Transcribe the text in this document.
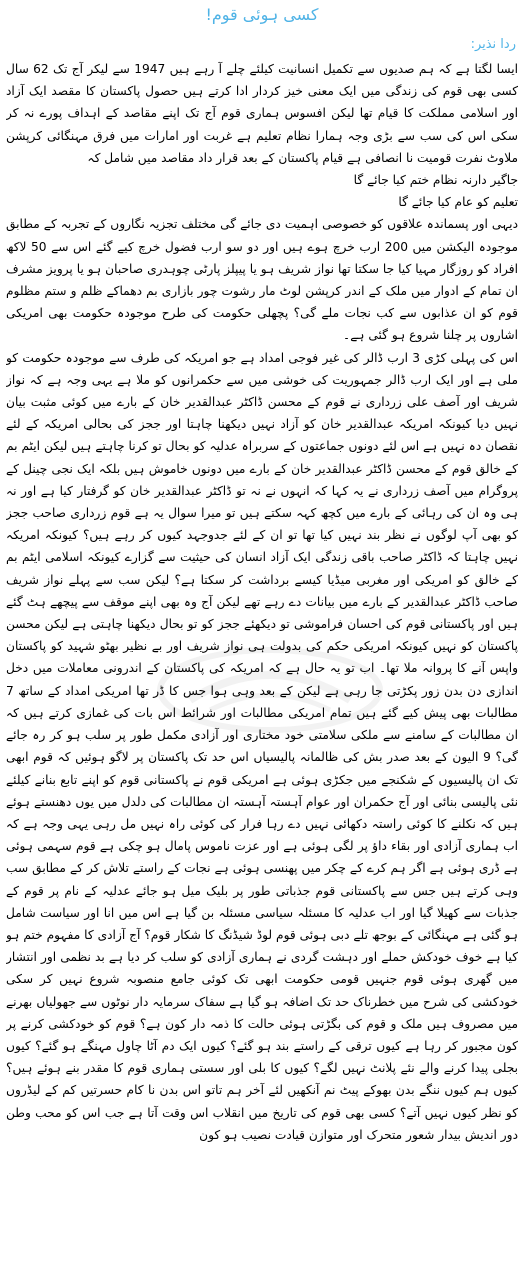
کسی ہوئی قوم!
ردا نذیر:

ایسا لگتا ہے کہ ہم صدیوں سے تکمیل انسانیت کیلئے چلے آ رہے ہیں 1947 سے لیکر آج تک 62 سال کسی بھی قوم کی زندگی میں ایک معنی خیز کردار ادا کرتے ہیں حصول پاکستان کا مقصد ایک آزاد اور اسلامی مملکت کا قیام تھا لیکن افسوس ہماری قوم آج تک اپنے مقاصد کے اہداف پورے نہ کر سکی اس کی سب سے بڑی وجہ ہمارا نظام تعلیم ہے غربت اور امارات میں فرق مہنگائی کرپشن ملاوٹ نفرت قومیت نا انصافی ہے قیام پاکستان کے بعد قرار داد مقاصد میں شامل کہ

جاگیر دارنہ نظام ختم کیا جائے گا
تعلیم کو عام کیا جائے گا

دیہی اور پسماندہ علاقوں کو خصوصی اہمیت دی جائے گی مختلف تجزیہ نگاروں کے تجربہ کے مطابق موجودہ الیکشن میں 200 ارب خرچ ہوے ہیں اور دو سو ارب فضول خرچ کیے گئے اس سے 50 لاکھ افراد کو روزگار مہیا کیا جا سکتا تھا نواز شریف ہو یا پیپلز پارٹی چوہدری صاحبان ہو یا پرویز مشرف ان تمام کے ادوار میں ملک کے اندر کرپشن لوٹ مار رشوت چور بازاری بم دھماکے ظلم و ستم مظلوم قوم کو ان عذابوں سے کب نجات ملے گی؟ پچھلی حکومت کی طرح موجودہ حکومت بھی امریکی اشاروں پر چلنا شروع ہو گئی ہے۔

اس کی پہلی کڑی 3 ارب ڈالر کی غیر فوجی امداد ہے جو امریکہ کی طرف سے موجودہ حکومت کو ملی ہے اور ایک ارب ڈالر جمہوریت کی خوشی میں سے حکمرانوں کو ملا ہے یہی وجہ ہے کہ نواز شریف اور آصف علی زرداری نے قوم کے محسن ڈاکٹر عبدالقدیر خان کے بارے میں کوئی مثبت بیان نہیں دیا کیونکہ امریکہ عبدالقدیر خان کو آزاد نہیں دیکھنا چاہتا اور ججز کی بحالی امریکہ کے لئے نقصان دہ نہیں ہے اس لئے دونوں جماعتوں کے سربراہ عدلیہ کو بحال تو کرنا چاہتے ہیں لیکن ایٹم بم کے خالق قوم کے محسن ڈاکٹر عبدالقدیر خان کے بارے میں دونوں خاموش ہیں بلکہ ایک نجی چینل کے پروگرام میں آصف زرداری نے یہ کہا کہ انہوں نے نہ تو ڈاکٹر عبدالقدیر خان کو گرفتار کیا ہے اور نہ ہی وہ ان کی رہائی کے بارے میں کچھ کہہ سکتے ہیں تو میرا سوال یہ ہے قوم زرداری صاحب ججز کو بھی آپ لوگوں نے نظر بند نہیں کیا تھا تو ان کے لئے جدوجہد کیوں کر رہے ہیں؟ کیونکہ امریکہ نہیں چاہتا کہ ڈاکٹر صاحب باقی زندگی ایک آزاد انسان کی حیثیت سے گزارے کیونکہ اسلامی ایٹم بم کے خالق کو امریکی اور مغربی میڈیا کیسے برداشت کر سکتا ہے؟ لیکن سب سے پہلے نواز شریف صاحب ڈاکٹر عبدالقدیر کے بارے میں بیانات دے رہے تھے لیکن آج وہ بھی اپنے موقف سے پیچھے ہٹ گئے ہیں اور پاکستانی قوم کی احسان فراموشی تو دیکھئے ججز کو تو بحال دیکھنا چاہتی ہے لیکن محسن پاکستان کو نہیں کیونکہ امریکی حکم کی بدولت ہی نواز شریف اور بے نظیر بھٹو شہید کو پاکستان واپس آنے کا پروانہ ملا تھا۔ اب تو یہ حال ہے کہ امریکہ کی پاکستان کے اندرونی معاملات میں دخل اندازی دن بدن زور پکڑتی جا رہی ہے لیکن کے بعد وہی ہوا جس کا ڈر تھا امریکی امداد کے ساتھ 7 مطالبات بھی پیش کیے گئے ہیں تمام امریکی مطالبات اور شرائط اس بات کی غمازی کرتے ہیں کہ ان مطالبات کے سامنے سے ملکی سلامتی خود مختاری اور آزادی مکمل طور پر سلب ہو کر رہ جائے گی؟ 9 الیون کے بعد صدر بش کی ظالمانہ پالیسیاں اس حد تک پاکستان پر لاگو ہوئیں کہ قوم ابھی تک ان پالیسیوں کے شکنجے میں جکڑی ہوئی ہے امریکی قوم نے پاکستانی قوم کو اپنے تابع بنانے کیلئے نئی پالیسی بنائی اور آج حکمران اور عوام آہستہ آہستہ ان مطالبات کی دلدل میں یوں دھنستے ہوئے ہیں کہ نکلنے کا کوئی راستہ دکھائی نہیں دے رہا فرار کی کوئی راہ نہیں مل رہی یہی وجہ ہے کہ اب ہماری آزادی اور بقاء داؤ پر لگی ہوئی ہے اور عزت ناموس پامال ہو چکی ہے قوم سہمی ہوئی ہے ڈری ہوئی ہے اگر ہم کرے کے چکر میں پھنسی ہوئی ہے نجات کے راستے تلاش کر کے مطابق سب وہی کرتے ہیں جس سے پاکستانی قوم جذباتی طور پر بلیک میل ہو جائے عدلیہ کے نام پر قوم کے جذبات سے کھیلا گیا اور اب عدلیہ کا مسئلہ سیاسی مسئلہ بن گیا ہے اس میں انا اور سیاست شامل ہو گئی ہے مہنگائی کے بوجھ تلے دبی ہوئی قوم لوڈ شیڈنگ کا شکار قوم؟ آج آزادی کا مفہوم ختم ہو کیا ہے خوف خودکش حملے اور دہشت گردی نے ہماری آزادی کو سلب کر دیا ہے بد نظمی اور انتشار میں گھری ہوئی قوم جنہیں قومی حکومت ابھی تک کوئی جامع منصوبہ شروع نہیں کر سکی خودکشی کی شرح میں خطرناک حد تک اضافہ ہو گیا ہے سفاک سرمایہ دار نوٹوں سے جھولیاں بھرنے میں مصروف ہیں ملک و قوم کی بگڑتی ہوئی حالت کا ذمہ دار کون ہے؟ قوم کو خودکشی کرنے پر کون مجبور کر رہا ہے کیوں ترقی کے راستے بند ہو گئے؟ کیوں ایک دم آٹا چاول مہنگے ہو گئے؟ کیوں بجلی پیدا کرنے والے نئے پلانٹ نہیں لگے؟ کیوں کا بلی اور سستی ہماری قوم کا مقدر بنے ہوئے ہیں؟ کیوں ہم کیوں ننگے بدن بھوکے پیٹ نم آنکھیں لئے آخر ہم تاتو اس بدن نا کام حسرتیں کم کے لیڈروں کو نظر کیوں نہیں آتے؟ کسی بھی قوم کی تاریخ میں انقلاب اس وقت آتا ہے جب اس کو محب وطن دور اندیش بیدار شعور متحرک اور متوازن قیادت نصیب ہو کون
